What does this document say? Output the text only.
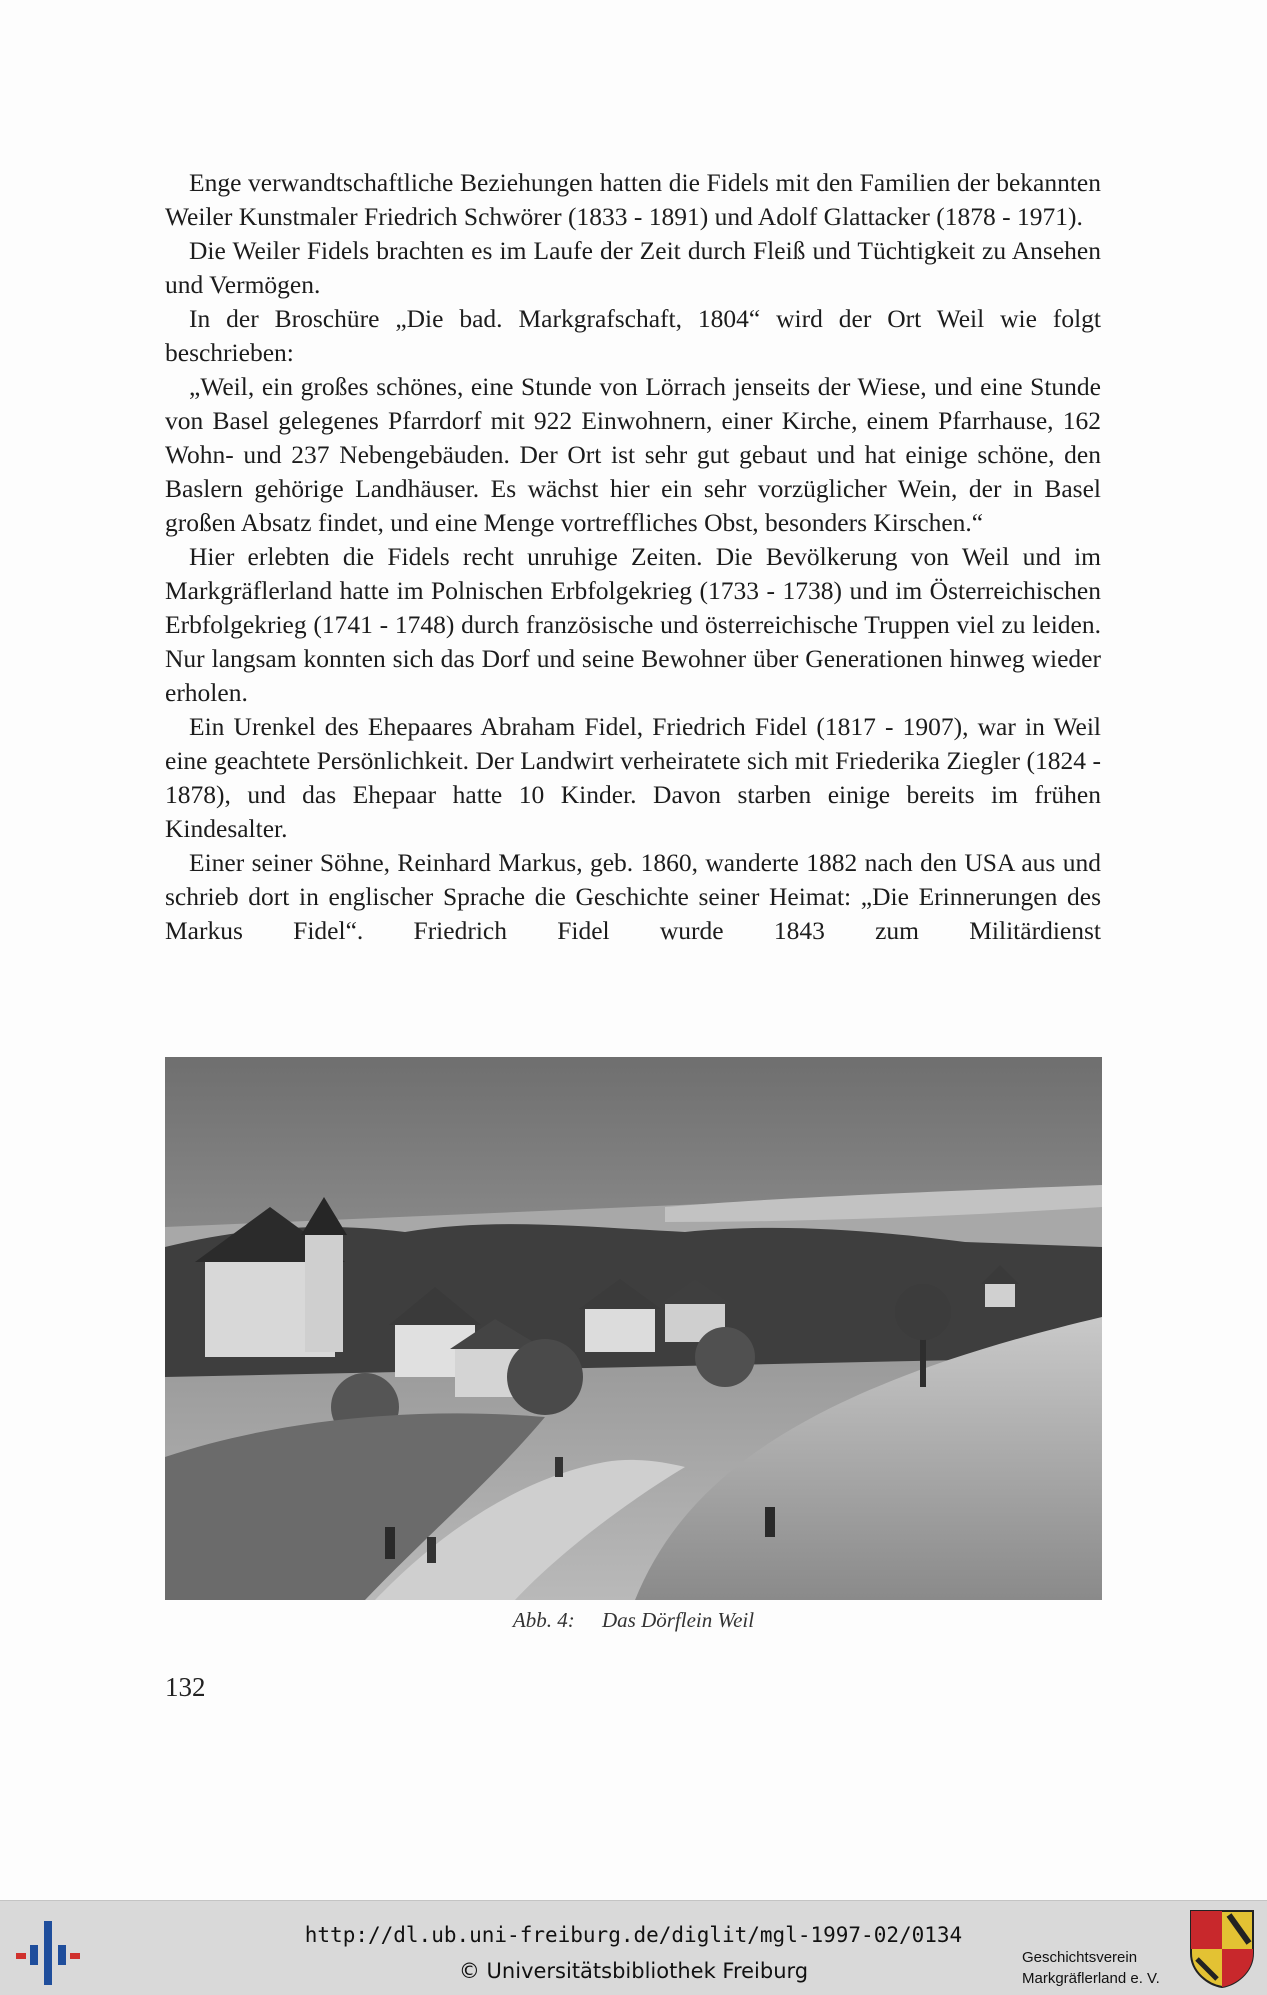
Enge verwandtschaftliche Beziehungen hatten die Fidels mit den Familien der bekannten Weiler Kunstmaler Friedrich Schwörer (1833 - 1891) und Adolf Glattacker (1878 - 1971).

Die Weiler Fidels brachten es im Laufe der Zeit durch Fleiß und Tüchtigkeit zu Ansehen und Vermögen.

In der Broschüre „Die bad. Markgrafschaft, 1804“ wird der Ort Weil wie folgt beschrieben:

„Weil, ein großes schönes, eine Stunde von Lörrach jenseits der Wiese, und eine Stunde von Basel gelegenes Pfarrdorf mit 922 Einwohnern, einer Kirche, einem Pfarrhause, 162 Wohn- und 237 Nebengebäuden. Der Ort ist sehr gut gebaut und hat einige schöne, den Baslern gehörige Landhäuser. Es wächst hier ein sehr vorzüglicher Wein, der in Basel großen Absatz findet, und eine Menge vortreffliches Obst, besonders Kirschen.“

Hier erlebten die Fidels recht unruhige Zeiten. Die Bevölkerung von Weil und im Markgräflerland hatte im Polnischen Erbfolgekrieg (1733 - 1738) und im Österreichischen Erbfolgekrieg (1741 - 1748) durch französische und österreichische Truppen viel zu leiden. Nur langsam konnten sich das Dorf und seine Bewohner über Generationen hinweg wieder erholen.

Ein Urenkel des Ehepaares Abraham Fidel, Friedrich Fidel (1817 - 1907), war in Weil eine geachtete Persönlichkeit. Der Landwirt verheiratete sich mit Friederika Ziegler (1824 - 1878), und das Ehepaar hatte 10 Kinder. Davon starben einige bereits im frühen Kindesalter.

Einer seiner Söhne, Reinhard Markus, geb. 1860, wanderte 1882 nach den USA aus und schrieb dort in englischer Sprache die Geschichte seiner Heimat: „Die Erinnerungen des Markus Fidel“. Friedrich Fidel wurde 1843 zum Militärdienst

Abb. 4: Das Dörflein Weil
132
http://dl.ub.uni-freiburg.de/diglit/mgl-1997-02/0134
© Universitätsbibliothek Freiburg
Geschichtsverein
Markgräflerland e. V.
